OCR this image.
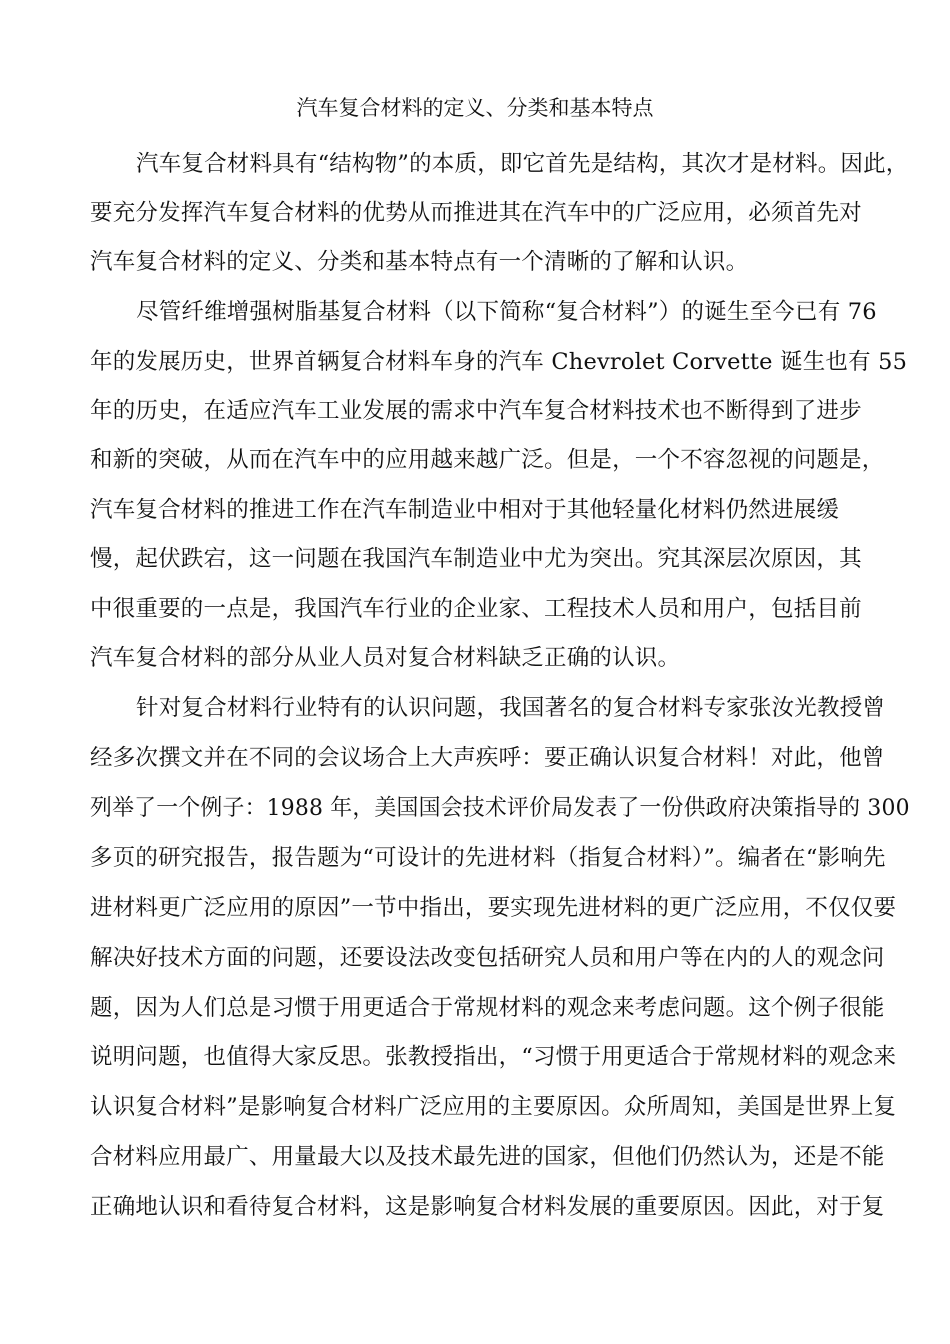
汽车复合材料的定义、分类和基本特点
汽车复合材料具有“结构物”的本质，即它首先是结构，其次才是材料。因此，
要充分发挥汽车复合材料的优势从而推进其在汽车中的广泛应用，必须首先对
汽车复合材料的定义、分类和基本特点有一个清晰的了解和认识。
尽管纤维增强树脂基复合材料（以下简称“复合材料”）的诞生至今已有 76
年的发展历史，世界首辆复合材料车身的汽车 Chevrolet Corvette 诞生也有 55
年的历史，在适应汽车工业发展的需求中汽车复合材料技术也不断得到了进步
和新的突破，从而在汽车中的应用越来越广泛。但是，一个不容忽视的问题是，
汽车复合材料的推进工作在汽车制造业中相对于其他轻量化材料仍然进展缓
慢，起伏跌宕，这一问题在我国汽车制造业中尤为突出。究其深层次原因，其
中很重要的一点是，我国汽车行业的企业家、工程技术人员和用户，包括目前
汽车复合材料的部分从业人员对复合材料缺乏正确的认识。
针对复合材料行业特有的认识问题，我国著名的复合材料专家张汝光教授曾
经多次撰文并在不同的会议场合上大声疾呼：要正确认识复合材料！对此，他曾
列举了一个例子：1988 年，美国国会技术评价局发表了一份供政府决策指导的 300
多页的研究报告，报告题为“可设计的先进材料（指复合材料）”。编者在“影响先
进材料更广泛应用的原因”一节中指出，要实现先进材料的更广泛应用，不仅仅要
解决好技术方面的问题，还要设法改变包括研究人员和用户等在内的人的观念问
题，因为人们总是习惯于用更适合于常规材料的观念来考虑问题。这个例子很能
说明问题，也值得大家反思。张教授指出，“习惯于用更适合于常规材料的观念来
认识复合材料”是影响复合材料广泛应用的主要原因。众所周知，美国是世界上复
合材料应用最广、用量最大以及技术最先进的国家，但他们仍然认为，还是不能
正确地认识和看待复合材料，这是影响复合材料发展的重要原因。因此，对于复
